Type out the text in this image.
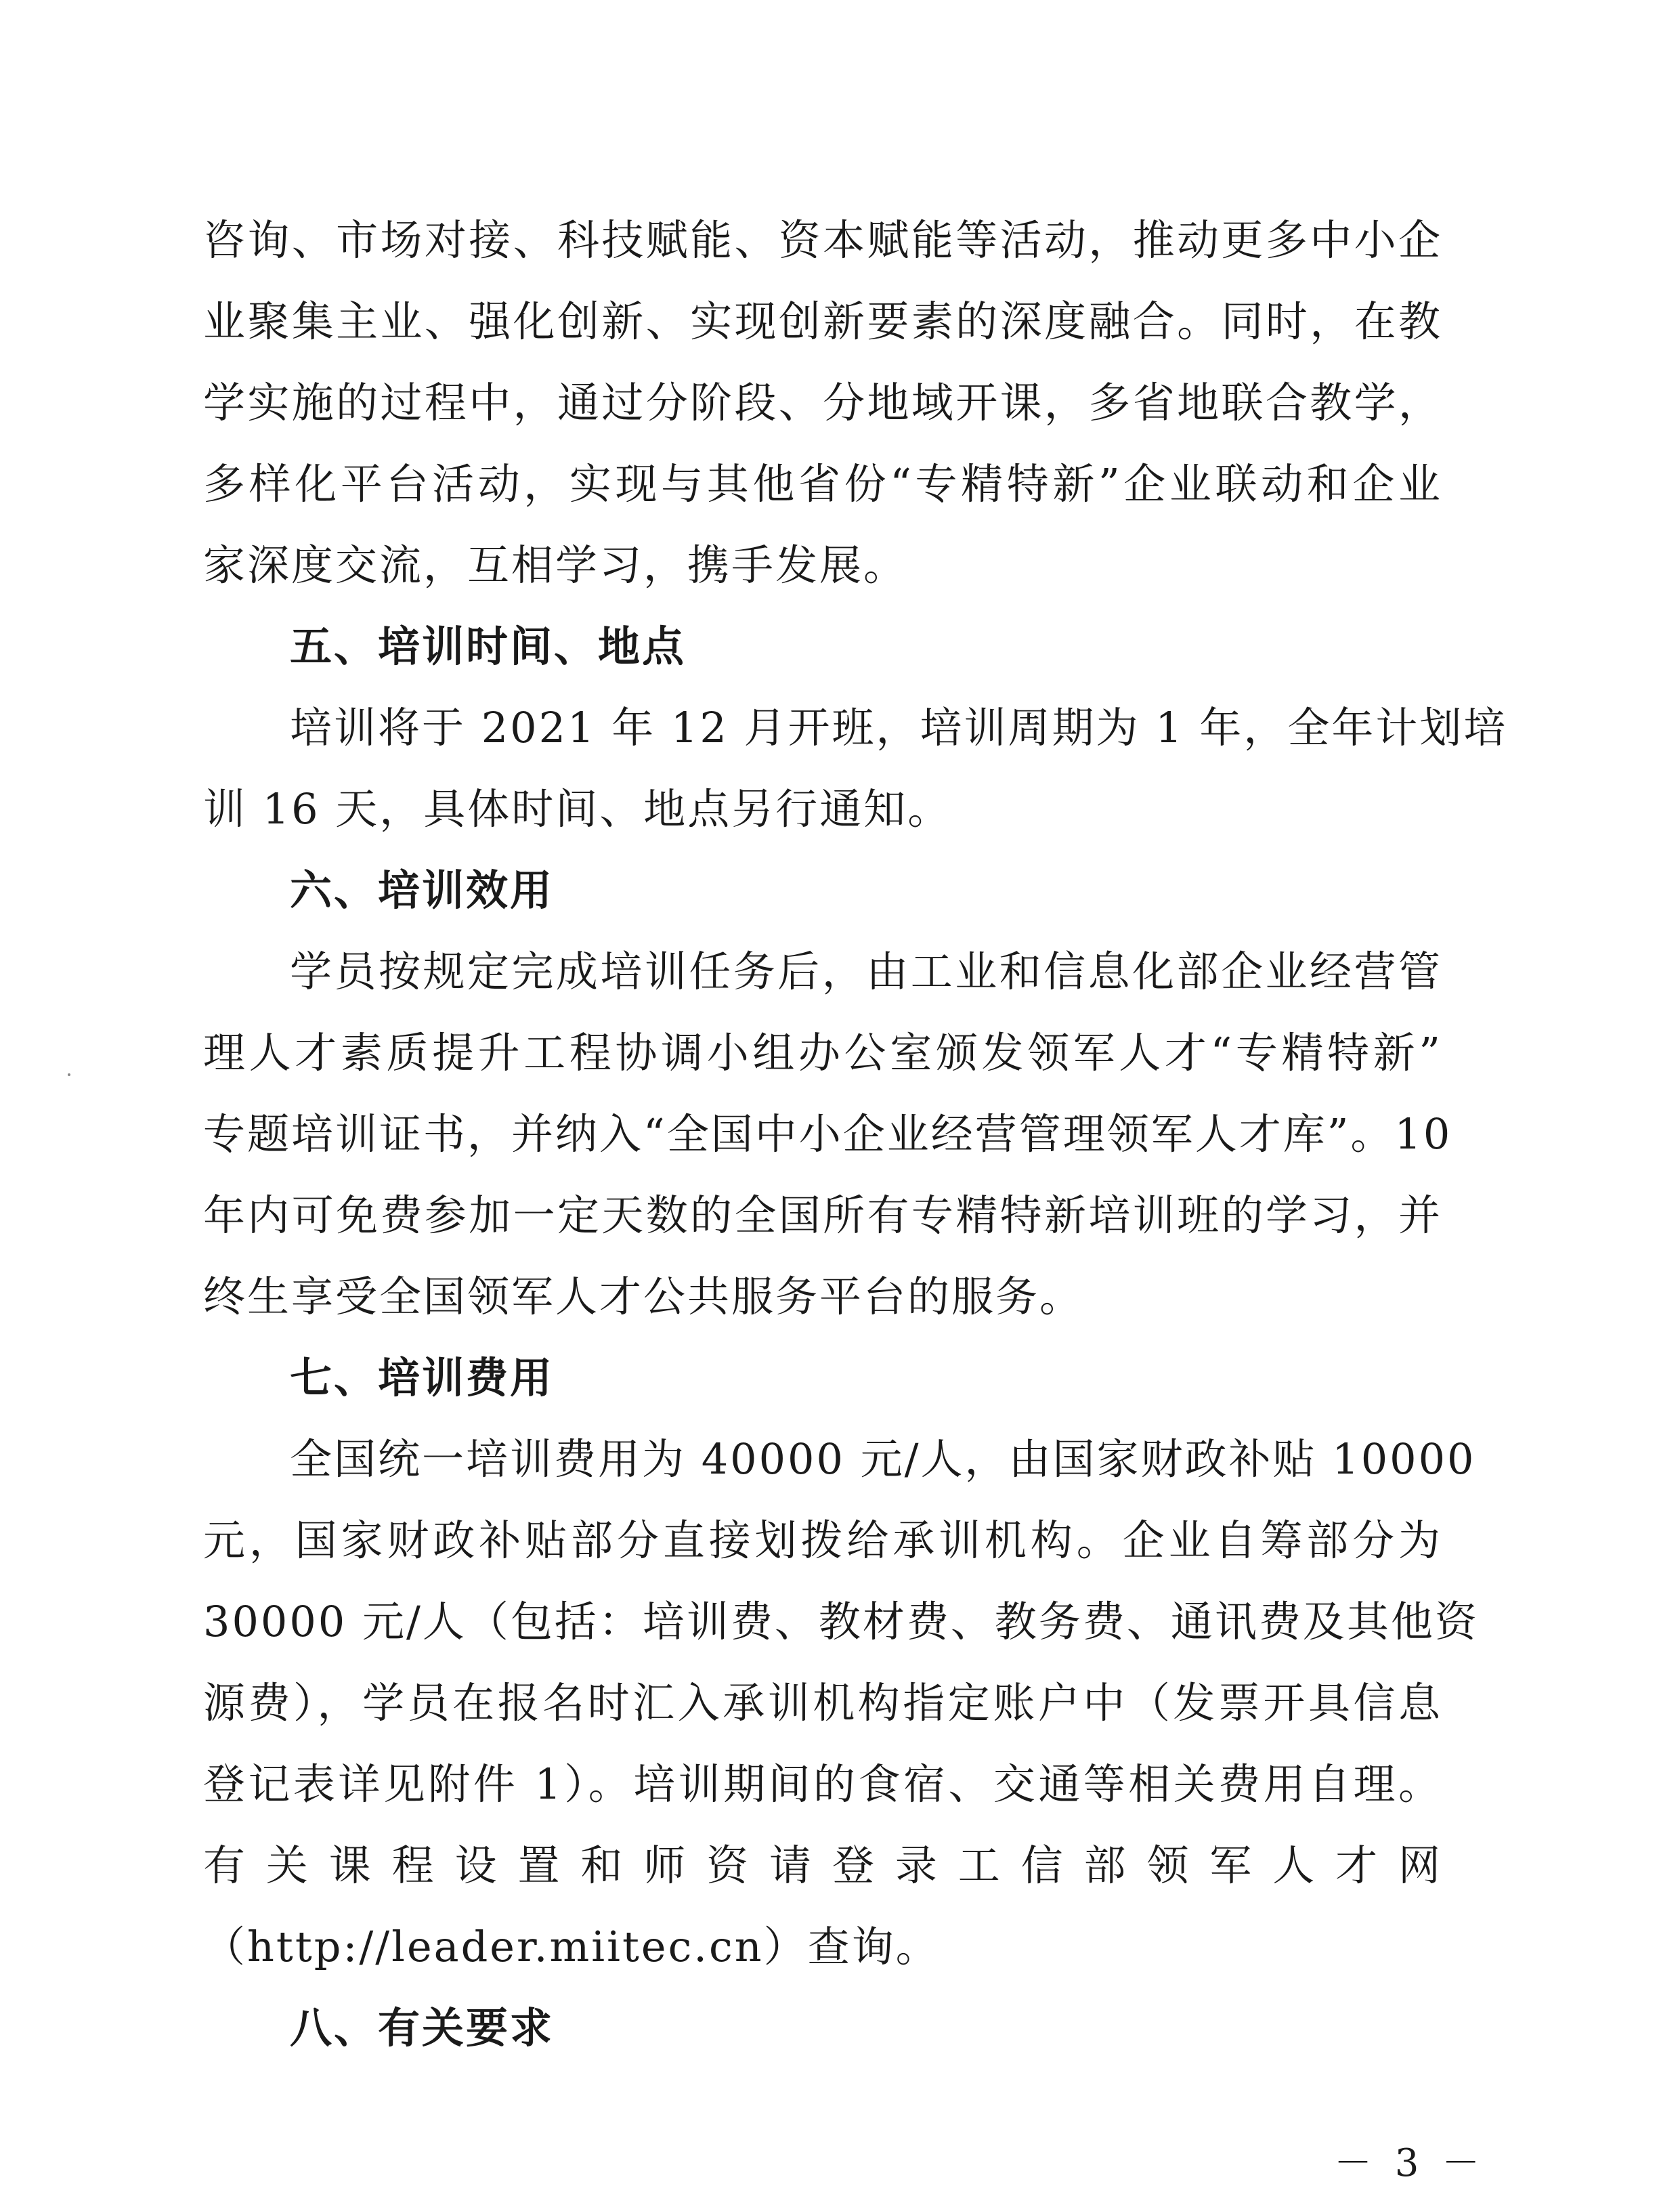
咨询、市场对接、科技赋能、资本赋能等活动，推动更多中小企

业聚集主业、强化创新、实现创新要素的深度融合。同时，在教

学实施的过程中，通过分阶段、分地域开课，多省地联合教学，

多样化平台活动，实现与其他省份“专精特新”企业联动和企业

家深度交流，互相学习，携手发展。

五、培训时间、地点

培训将于 2021 年 12 月开班，培训周期为 1 年，全年计划培

训 16 天，具体时间、地点另行通知。

六、培训效用

学员按规定完成培训任务后，由工业和信息化部企业经营管

理人才素质提升工程协调小组办公室颁发领军人才“专精特新”

专题培训证书，并纳入“全国中小企业经营管理领军人才库”。10

年内可免费参加一定天数的全国所有专精特新培训班的学习，并

终生享受全国领军人才公共服务平台的服务。

七、培训费用

全国统一培训费用为 40000 元/人，由国家财政补贴 10000

元，国家财政补贴部分直接划拨给承训机构。企业自筹部分为

30000 元/人（包括：培训费、教材费、教务费、通讯费及其他资

源费），学员在报名时汇入承训机构指定账户中（发票开具信息

登记表详见附件 1）。培训期间的食宿、交通等相关费用自理。

有关课程设置和师资请登录工信部领军人才网

（http://leader.miitec.cn）查询。

八、有关要求

－ 3 －
